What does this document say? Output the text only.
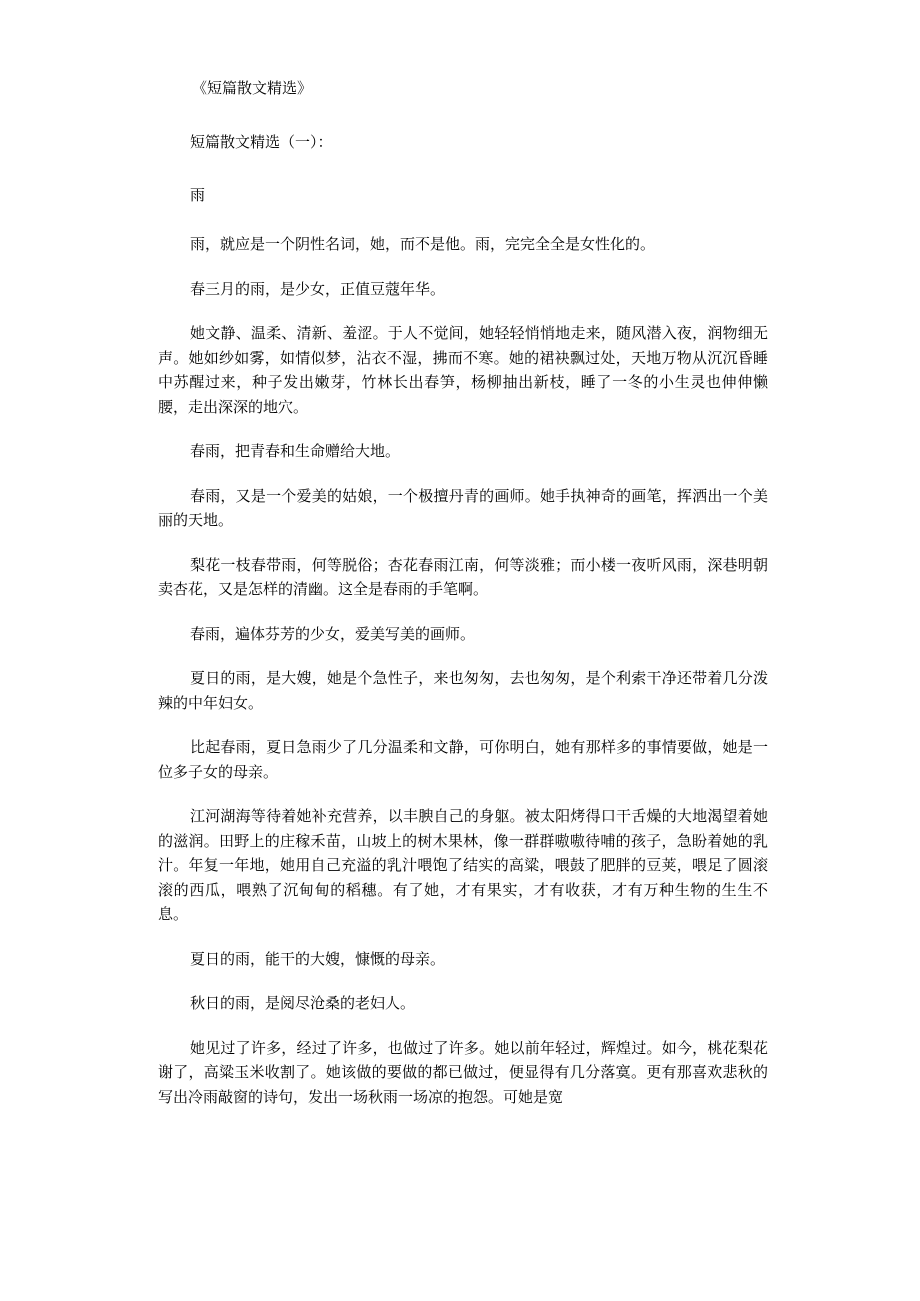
《短篇散文精选》

短篇散文精选（一）：

雨

雨，就应是一个阴性名词，她，而不是他。雨，完完全全是女性化的。

春三月的雨，是少女，正值豆蔻年华。

她文静、温柔、清新、羞涩。于人不觉间，她轻轻悄悄地走来，随风潜入夜，润物细无声。她如纱如雾，如情似梦，沾衣不湿，拂而不寒。她的裙袂飘过处，天地万物从沉沉昏睡中苏醒过来，种子发出嫩芽，竹林长出春笋，杨柳抽出新枝，睡了一冬的小生灵也伸伸懒腰，走出深深的地穴。

春雨，把青春和生命赠给大地。

春雨，又是一个爱美的姑娘，一个极擅丹青的画师。她手执神奇的画笔，挥洒出一个美丽的天地。

梨花一枝春带雨，何等脱俗；杏花春雨江南，何等淡雅；而小楼一夜听风雨，深巷明朝卖杏花，又是怎样的清幽。这全是春雨的手笔啊。

春雨，遍体芬芳的少女，爱美写美的画师。

夏日的雨，是大嫂，她是个急性子，来也匆匆，去也匆匆，是个利索干净还带着几分泼辣的中年妇女。

比起春雨，夏日急雨少了几分温柔和文静，可你明白，她有那样多的事情要做，她是一位多子女的母亲。

江河湖海等待着她补充营养，以丰腴自己的身躯。被太阳烤得口干舌燥的大地渴望着她的滋润。田野上的庄稼禾苗，山坡上的树木果林，像一群群嗷嗷待哺的孩子，急盼着她的乳汁。年复一年地，她用自己充溢的乳汁喂饱了结实的高粱，喂鼓了肥胖的豆荚，喂足了圆滚滚的西瓜，喂熟了沉甸甸的稻穗。有了她，才有果实，才有收获，才有万种生物的生生不息。

夏日的雨，能干的大嫂，慷慨的母亲。

秋日的雨，是阅尽沧桑的老妇人。

她见过了许多，经过了许多，也做过了许多。她以前年轻过，辉煌过。如今，桃花梨花谢了，高粱玉米收割了。她该做的要做的都已做过，便显得有几分落寞。更有那喜欢悲秋的写出冷雨敲窗的诗句，发出一场秋雨一场凉的抱怨。可她是宽
